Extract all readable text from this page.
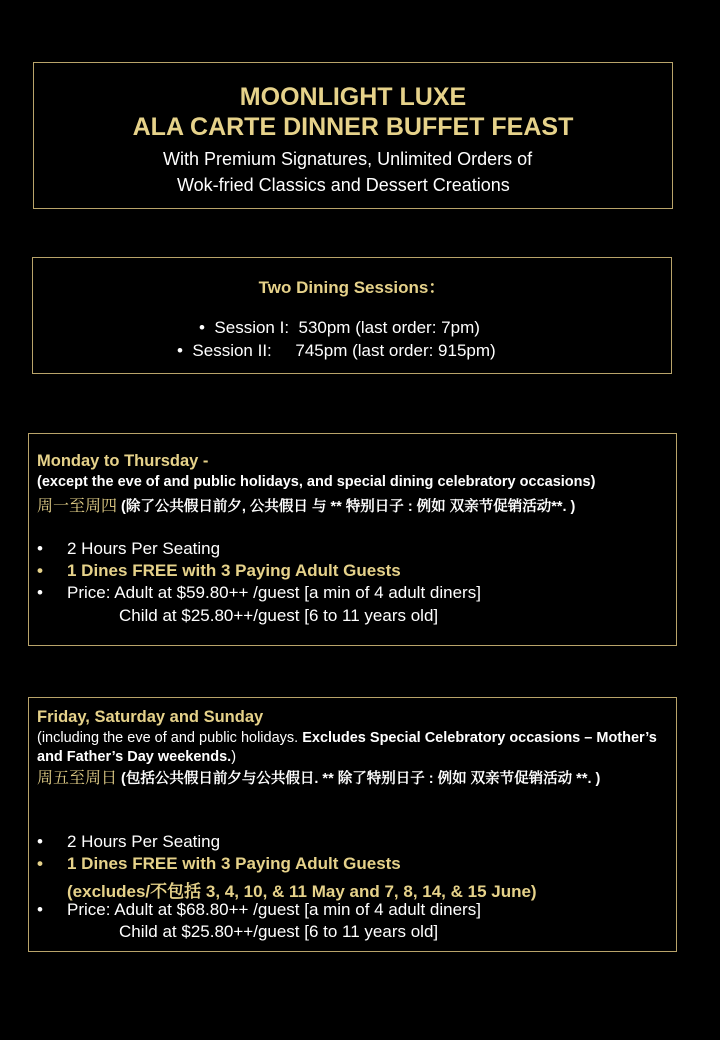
MOONLIGHT LUXE
ALA CARTE DINNER BUFFET FEAST
With Premium Signatures, Unlimited Orders of
Wok-fried Classics and Dessert Creations
Two Dining Sessions：
•  Session I:  530pm (last order: 7pm)
•  Session II:     745pm (last order: 915pm)
Monday to Thursday -
(except the eve of and public holidays, and special dining celebratory occasions)
周一至周四 (除了公共假日前夕, 公共假日 与 ** 特别日子 : 例如 双亲节促销活动**. )
• 2 Hours Per Seating
• 1 Dines FREE with 3 Paying Adult Guests
• Price: Adult at $59.80++ /guest [a min of 4 adult diners]
Child at $25.80++/guest [6 to 11 years old]
Friday, Saturday and Sunday
(including the eve of and public holidays. Excludes Special Celebratory occasions – Mother’s and Father’s Day weekends.)
周五至周日 (包括公共假日前夕与公共假日. ** 除了特别日子 : 例如 双亲节促销活动 **. )
• 2 Hours Per Seating
• 1 Dines FREE with 3 Paying Adult Guests
(excludes/不包括 3, 4, 10, & 11 May and 7, 8, 14, & 15 June)
• Price: Adult at $68.80++ /guest [a min of 4 adult diners]
Child at $25.80++/guest [6 to 11 years old]
